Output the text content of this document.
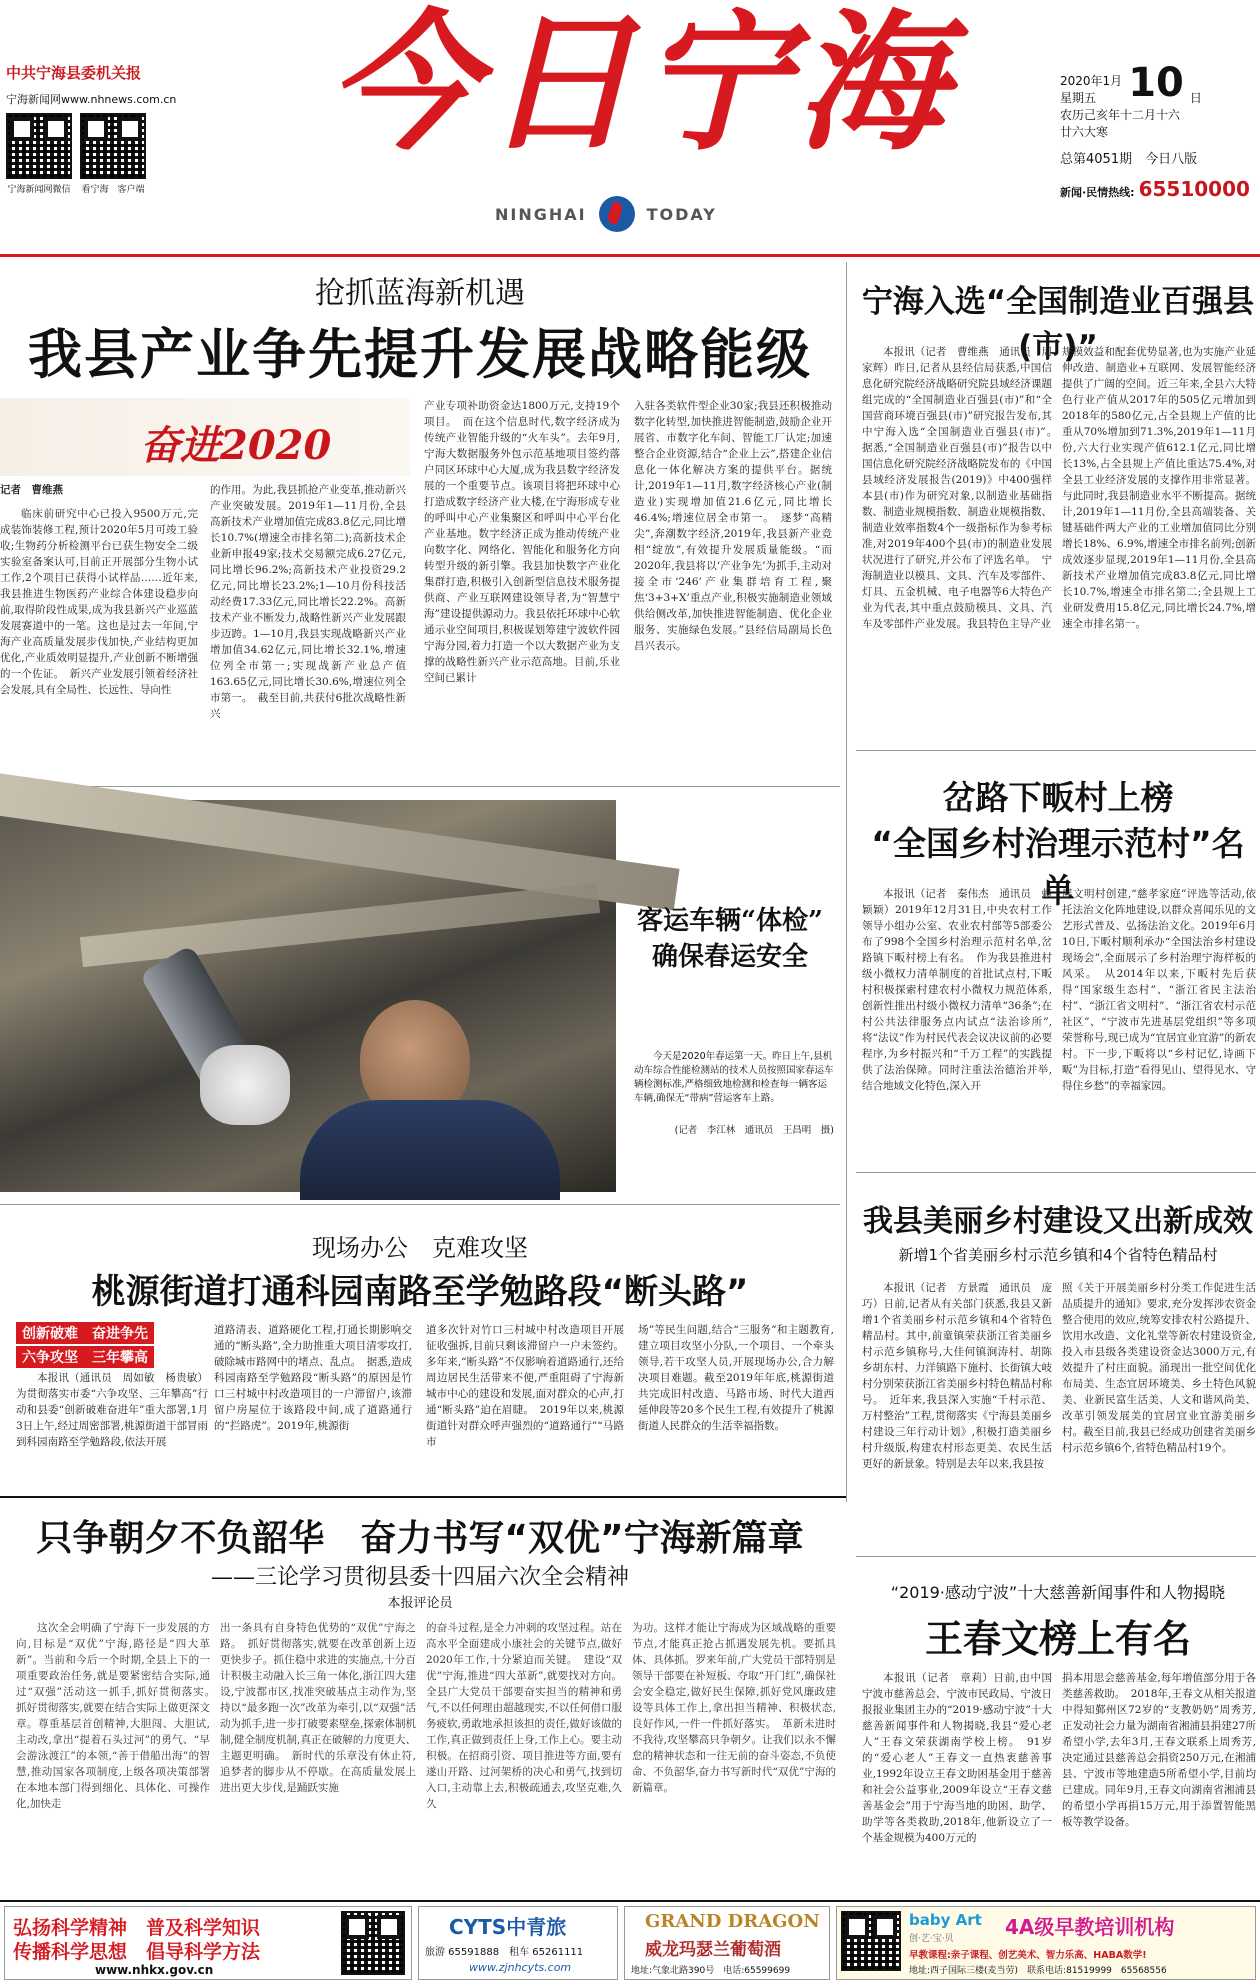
中共宁海县委机关报
宁海新闻网www.nhnews.com.cn
宁海新闻网微信 看宁海　客户端
今日宁海
NINGHAI	TODAY
2020年1月
星期五 10 日
农历己亥年十二月十六
廿六大寒
总第4051期　今日八版
新闻·民情热线: 65510000
抢抓蓝海新机遇
我县产业争先提升发展战略能级
奋进2020
记者　曹维燕
临床前研究中心已投入9500万元,完成装饰装修工程,预计2020年5月可竣工验收;生物药分析检测平台已获生物安全二级实验室备案认可,目前正开展部分生物小试工作,2个项目已获得小试样品……近年来,我县推进生物医药产业综合体建设稳步向前,取得阶段性成果,成为我县新兴产业巡蓝发展赛道中的一笔。这也是过去一年间,宁海产业高质量发展步伐加快,产业结构更加优化,产业质效明显提升,产业创新不断增强的一个佐证。　新兴产业发展引领着经济社会发展,具有全局性、长远性、导向性
的作用。为此,我县抓抢产业变革,推动新兴产业突破发展。2019年1—11月份,全县高新技术产业增加值完成83.8亿元,同比增长10.7%(增速全市排名第二);高新技术企业新申报49家;技术交易额完成6.27亿元,同比增长96.2%;高新技术产业投资29.2亿元,同比增长23.2%;1—10月份科技活动经费17.33亿元,同比增长22.2%。高新技术产业不断发力,战略性新兴产业发展跟步迈跨。1—10月,我县实现战略新兴产业增加值34.62亿元,同比增长32.1%,增速位列全市第一;实现战新产业总产值163.65亿元,同比增长30.6%,增速位列全市第一。　截至目前,共获付6批次战略性新兴
产业专项补助资金达1800万元,支持19个项目。　而在这个信息时代,数字经济成为传统产业智能升级的“火车头”。去年9月,宁海大数据服务外包示范基地项目签约落户同区环球中心大厦,成为我县数字经济发展的一个重要节点。该项目将把环球中心打造成数字经济产业大楼,在宁海形成专业的呼叫中心产业集聚区和呼叫中心平台化产业基地。数字经济正成为推动传统产业向数字化、网络化、智能化和服务化方向转型升级的新引擎。我县加快数字产业化集群打造,积极引入创新型信息技术服务提供商、产业互联网建设领导者,为“智慧宁海”建设提供源动力。我县依托环球中心软通示业空间项目,积极谋划筹建宁波软件园宁海分园,着力打造一个以大数据产业为支撑的战略性新兴产业示范高地。目前,乐业空间已累计
入驻各类软件型企业30家;我县还积极推动数字化转型,加快推进智能制造,鼓励企业开展省、市数字化车间、智能工厂认定;加速整合企业资源,结合“企业上云”,搭建企业信息化一体化解决方案的提供平台。据统计,2019年1—11月,数字经济核心产业(制造业)实现增加值21.6亿元,同比增长46.4%;增速位居全市第一。　逐梦“高精尖”,奔潮数字经济,2019年,我县新产业竞相“绽放”,有效提升发展质量能级。“而2020年,我县将以‘产业争先’为抓手,主动对接全市‘246’产业集群培育工程,聚焦‘3+3+X’重点产业,积极实施制造业领域供给侧改革,加快推进智能制造、优化企业服务、实施绿色发展。”县经信局副局长色昌兴表示。
宁海入选“全国制造业百强县(市)”
本报讯（记者　曹维燕　通讯员　周家辉）昨日,记者从县经信局获悉,中国信息化研究院经济战略研究院县域经济课题组完成的“全国制造业百强县(市)”和“全国营商环境百强县(市)”研究报告发布,其中宁海入选“全国制造业百强县(市)”。　据悉,“全国制造业百强县(市)”报告以中国信息化研究院经济战略院发布的《中国县域经济发展报告(2019)》中400强样本县(市)作为研究对象,以制造业基础指数、制造业规模指数、制造业规模指数、制造业效率指数4个一级指标作为参考标准,对2019年400个县(市)的制造业发展状况进行了研究,并公布了评选名单。　宁海制造业以模具、文具、汽车及零部件、灯具、五金机械、电子电器等6大特色产业为代表,其中重点鼓励模具、文具、汽车及零部件产业发展。我县特色主导产业
规模效益和配套优势显著,也为实施产业延伸改造、制造业+互联网、发展智能经济提供了广阔的空间。近三年来,全县六大特色行业产值从2017年的505亿元增加到2018年的580亿元,占全县规上产值的比重从70%增加到71.3%,2019年1—11月份,六大行业实现产值612.1亿元,同比增长13%,占全县规上产值比重达75.4%,对全县工业经济发展的支撑作用非常显著。与此同时,我县制造业水平不断提高。据统计,2019年1—11月份,全县高端装备、关键基础件两大产业的工业增加值同比分别增长18%、6.9%,增速全市排名前列;创新成效逐步显现,2019年1—11月份,全县高新技术产业增加值完成83.8亿元,同比增长10.7%,增速全市排名第二;全县规上工业研发费用15.8亿元,同比增长24.7%,增速全市排名第一。
客运车辆“体检”
确保春运安全
今天是2020年春运第一天。昨日上午,县机动车综合性能检测站的技术人员按照国家春运车辆检测标准,严格细致地检测和检查每一辆客运车辆,确保无“带病”营运客车上路。
(记者　李江林　通讯员　王昌明　摄)
岔路下畈村上榜
“全国乡村治理示范村”名单
本报讯（记者　秦伟杰　通讯员　赖颖颖）2019年12月31日,中央农村工作领导小组办公室、农业农村部等5部委公布了998个全国乡村治理示范村名单,岔路镇下畈村榜上有名。　作为我县推进村级小微权力清单制度的首批试点村,下畈村积极探索村建农村小微权力规范体系,创新性推出村级小微权力清单“36条”;在村公共法律服务点内试点“法治诊所”,将“法议”作为村民代表会议决议前的必要程序,为乡村振兴和“千万工程”的实践提供了法治保障。同时注重法治德治并举,结合地域文化特色,深入开
展文明村创建,“慈孝家庭”评选等活动,依托法治文化阵地建设,以群众喜闻乐见的文艺形式普及、弘扬法治文化。2019年6月10日,下畈村顺利承办“全国法治乡村建设现场会”,全面展示了乡村治理宁海样板的风采。　从2014年以来,下畈村先后获得“国家级生态村”、“浙江省民主法治村”、“浙江省文明村”、“浙江省农村示范社区”、“宁波市先进基层党组织”等多项荣誉称号,现已成为“宜居宜业宜游”的新农村。下一步,下畈将以“乡村记忆,诗画下畈”为目标,打造“看得见山、望得见水、守得住乡愁”的幸福家园。
现场办公　克难攻坚
桃源街道打通科园南路至学勉路段“断头路”
创新破难　奋进争先
六争攻坚　三年攀高
本报讯（通讯员　周如敏　杨贵敏）为贯彻落实市委“六争攻坚、三年攀高”行动和县委“创新破难奋进年”重大部署,1月3日上午,经过周密部署,桃源街道干部冒雨到科园南路至学勉路段,依法开展
道路清表、道路硬化工程,打通长期影响交通的“断头路”,全力助推重大项目清零攻打,破除城市路网中的堵点、乱点。　据悉,造成科园南路至学勉路段“断头路”的原因是竹口三村城中村改造项目的一户滞留户,该滞留户房屋位于该路段中间,成了道路通行的“拦路虎”。2019年,桃源街
道多次针对竹口三村城中村改造项目开展征收强拆,目前只剩该滞留户一户未签约。多年来,“断头路”不仅影响着道路通行,还给周边居民生活带来不便,严重阻碍了宁海新城市中心的建设和发展,面对群众的心声,打通“断头路”迫在眉睫。　2019年以来,桃源街道针对群众呼声强烈的“道路通行”“马路市
场”等民生问题,结合“三服务”和主题教育,建立项目攻坚小分队,一个项目、一个牵头领导,若干攻坚人员,开展现场办公,合力解决项目难题。截至2019年年底,桃源街道共完成旧村改造、马路市场、时代大道西延伸段等20多个民生工程,有效提升了桃源街道人民群众的生活幸福指数。
我县美丽乡村建设又出新成效
新增1个省美丽乡村示范乡镇和4个省特色精品村
本报讯（记者　方景霞　通讯员　庞巧）日前,记者从有关部门获悉,我县又新增1个省美丽乡村示范乡镇和4个省特色精品村。其中,前童镇荣获浙江省美丽乡村示范乡镇称号,大佳何镇涧涛村、胡陈乡胡东村、力洋镇路下施村、长街镇大岐村分别荣获浙江省美丽乡村特色精品村称号。　近年来,我县深入实施“千村示范、万村整治”工程,贯彻落实《宁海县美丽乡村建设三年行动计划》,积极打造美丽乡村升级版,构建农村形态更美、农民生活更好的新景象。特别是去年以来,我县按
照《关于开展美丽乡村分类工作促进生活品质提升的通知》要求,充分发挥涉农资金整合使用的效应,统筹安排农村公路提升、饮用水改造、文化礼堂等新农村建设资金,投入市县级各类建设资金达3000万元,有效提升了村庄面貌。涌现出一批空间优化布局美、生态宜居环境美、乡土特色风貌美、业新民富生活美、人文和谐风尚美、改革引领发展美的宜居宜业宜游美丽乡村。截至目前,我县已经成功创建省美丽乡村示范乡镇6个,省特色精品村19个。
只争朝夕不负韶华　奋力书写“双优”宁海新篇章
——三论学习贯彻县委十四届六次全会精神
本报评论员
这次全会明确了宁海下一步发展的方向,目标是“双优”宁海,路径是“四大革新”。当前和今后一个时期,全县上下的一项重要政治任务,就是要紧密结合实际,通过“双强”活动这一抓手,抓好贯彻落实。　抓好贯彻落实,就要在结合实际上做更深文章。尊重基层首创精神,大胆闯、大胆试,主动改,拿出“提着石头过河”的勇气、“早会游泳渡江”的本领,“善于借船出海”的智慧,推动国家各项制度,上级各项决策部署在本地本部门得到细化、具体化、可操作化,加快走
出一条具有自身特色优势的“双优”宁海之路。　抓好贯彻落实,就要在改革创新上迈更快步子。抓住稳中求进的实施点,十分百计积极主动融入长三角一体化,浙江四大建设,宁波都市区,找准突破基点主动作为,坚持以“最多跑一次”改革为牵引,以“双强”活动为抓手,进一步打破要素壁垒,探索体制机制,健全制度机制,真正在破解的力度更大、主题更明确。　新时代的乐章没有休止符,追梦者的脚步从不停歇。在高质量发展上进出更大步伐,是踊跃实施
的奋斗过程,是全力冲刺的攻坚过程。站在高水平全面建成小康社会的关键节点,做好2020年工作,十分紧迫而关键。　建设“双优”宁海,推进“四大革新”,就要找对方向。全县广大党员干部要奋实担当的精神和勇气,不以任何理由超越现实,不以任何借口服务疲软,勇敢地承担该担的责任,做好该做的工作,真正做到责任上身,工作上心。要主动积极。在招商引资、项目推进等方面,要有遂山开路、过河架桥的决心和勇气,找到切入口,主动靠上去,积极疏通去,攻坚克难,久久
为功。这样才能让宁海成为区域战略的重要节点,才能真正抢占抓遇发展先机。要抓具体、具体抓。罗来年前,广大党员干部特别是领导干部要在补短板、夺取“开门红”,确保社会安全稳定,做好民生保障,抓好党风廉政建设等具体工作上,拿出担当精神、积极状态,良好作风,一件一件抓好落实。　革新未进时不我待,攻坚攀高只争朝夕。让我们以永不懈怠的精神状态和一往无前的奋斗姿态,不负使命、不负韶华,奋力书写新时代“双优”宁海的新篇章。
“2019·感动宁波”十大慈善新闻事件和人物揭晓
王春文榜上有名
本报讯（记者　章莉）日前,由中国宁波市慈善总会、宁波市民政局、宁波日报报业集团主办的“2019·感动宁波”十大慈善新闻事件和人物揭晓,我县“爱心老人”王春文荣获湖南学校上榜。　91岁的“爱心老人”王春文一直热衷慈善事业,1992年设立王春文助困基金用于慈善和社会公益事业,2009年设立“王春文慈善基金会”用于宁海当地的助困、助学、助学等各类救助,2018年,他新设立了一个基金规模为400万元的
捐本用思会慈善基金,每年增值部分用于各类慈善救助。　2018年,王春文从相关报道中得知鄞州区72岁的“支教奶奶”周秀芳,正发动社会力量为湖南省湘浦县捐建27所希望小学,去年3月,王春文联系上周秀芳,决定通过县慈善总会捐资250万元,在湘浦县、宁波市等地建造5所希望小学,目前均已建成。同年9月,王春文向湖南省湘浦县的希望小学再捐15万元,用于添置智能黑板等教学设备。
弘扬科学精神　普及科学知识
传播科学思想　倡导科学方法
www.nhkx.gov.cn
CYTS中青旅
旅游 65591888　租车 65261111
www.zjnhcyts.com
GRAND DRAGON
威龙玛瑟兰葡萄酒
地址:气象北路390号　电话:65599699
baby Art
创·艺·宝·贝	4A级早教培训机构
早教课程:亲子课程、创艺美术、智力乐高、HABA数学!
地址:西子国际三楼(麦当劳)　联系电话:81519999　65568556
